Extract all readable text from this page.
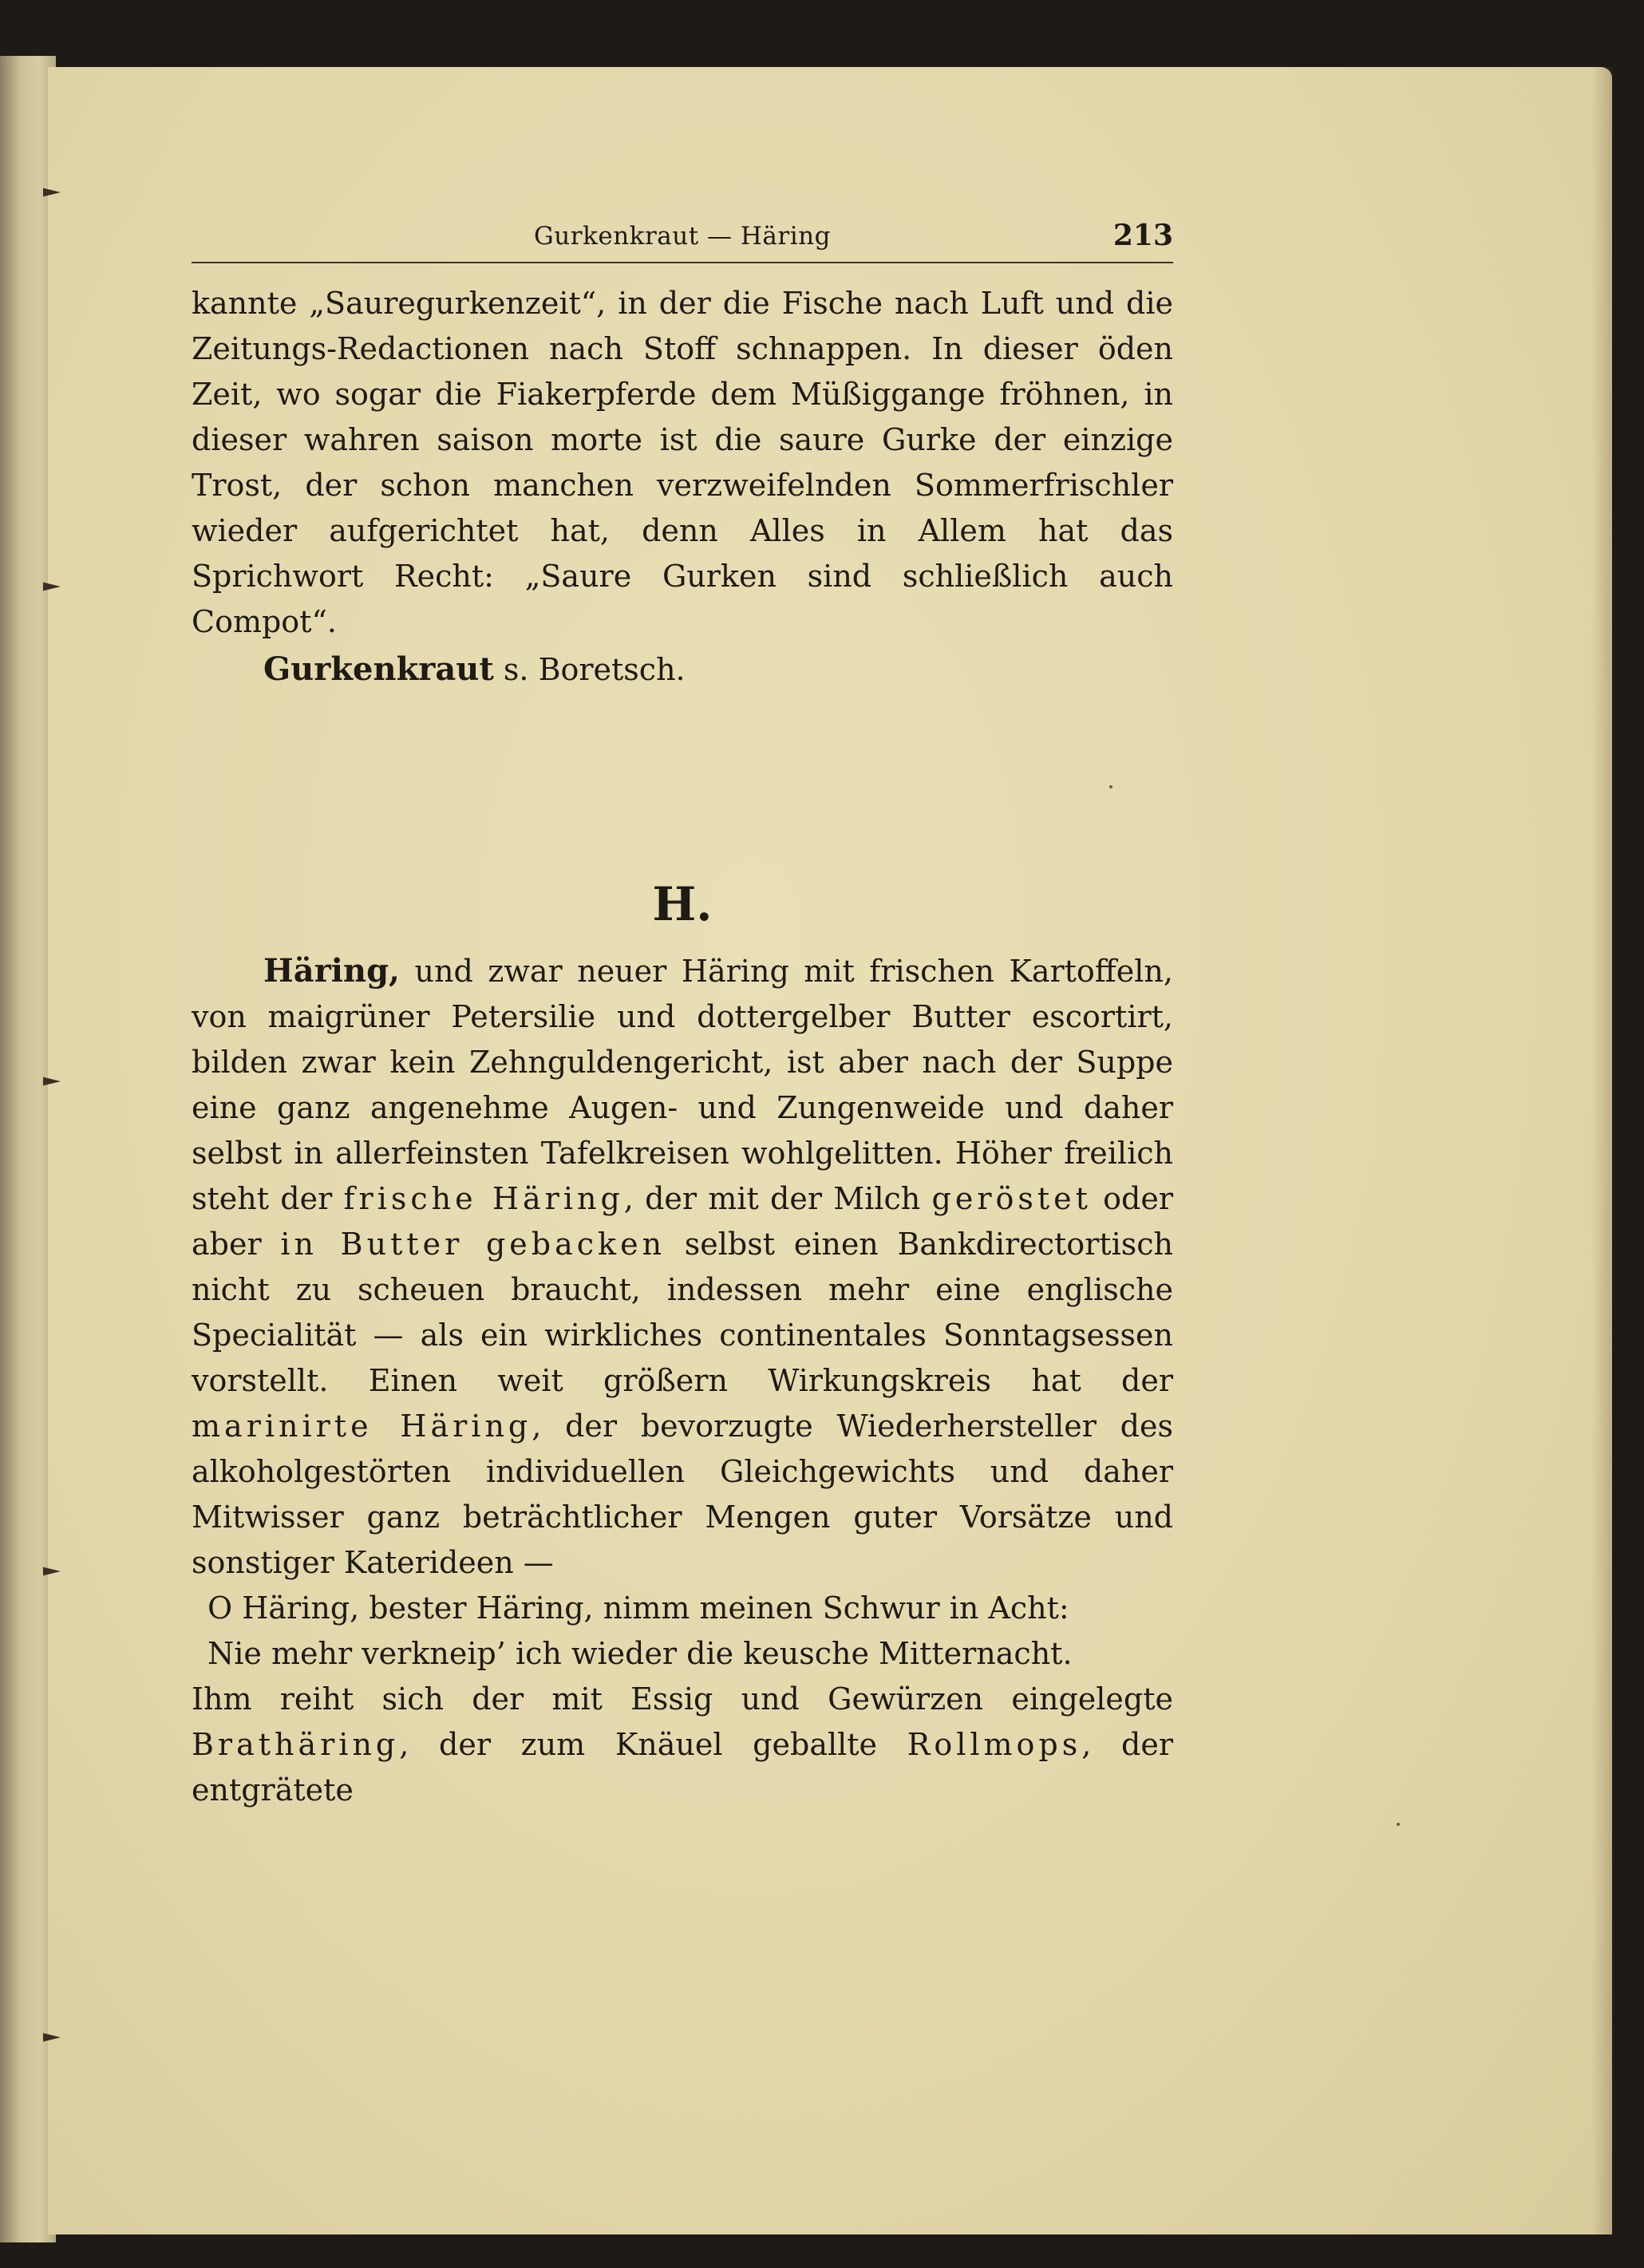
Gurkenkraut — Häring	213

kannte „Sauregurkenzeit“, in der die Fische nach Luft und die Zeitungs-Redactionen nach Stoff schnappen. In dieser öden Zeit, wo sogar die Fiakerpferde dem Müßiggange fröhnen, in dieser wahren saison morte ist die saure Gurke der einzige Trost, der schon manchen verzweifelnden Sommerfrischler wieder aufgerichtet hat, denn Alles in Allem hat das Sprichwort Recht: „Saure Gurken sind schließlich auch Compot“.

Gurkenkraut s. Boretsch.

H.

Häring, und zwar neuer Häring mit frischen Kartoffeln, von maigrüner Petersilie und dottergelber Butter escortirt, bilden zwar kein Zehnguldengericht, ist aber nach der Suppe eine ganz angenehme Augen- und Zungenweide und daher selbst in allerfeinsten Tafelkreisen wohlgelitten. Höher freilich steht der frische Häring, der mit der Milch geröstet oder aber in Butter gebacken selbst einen Bankdirectortisch nicht zu scheuen braucht, indessen mehr eine englische Specialität — als ein wirkliches continentales Sonntagsessen vorstellt. Einen weit größern Wirkungskreis hat der marinirte Häring, der bevorzugte Wiederhersteller des alkoholgestörten individuellen Gleichgewichts und daher Mitwisser ganz beträchtlicher Mengen guter Vorsätze und sonstiger Katerideen —

O Häring, bester Häring, nimm meinen Schwur in Acht:

Nie mehr verkneip’ ich wieder die keusche Mitternacht.

Ihm reiht sich der mit Essig und Gewürzen eingelegte Brathäring, der zum Knäuel geballte Rollmops, der entgrätete
